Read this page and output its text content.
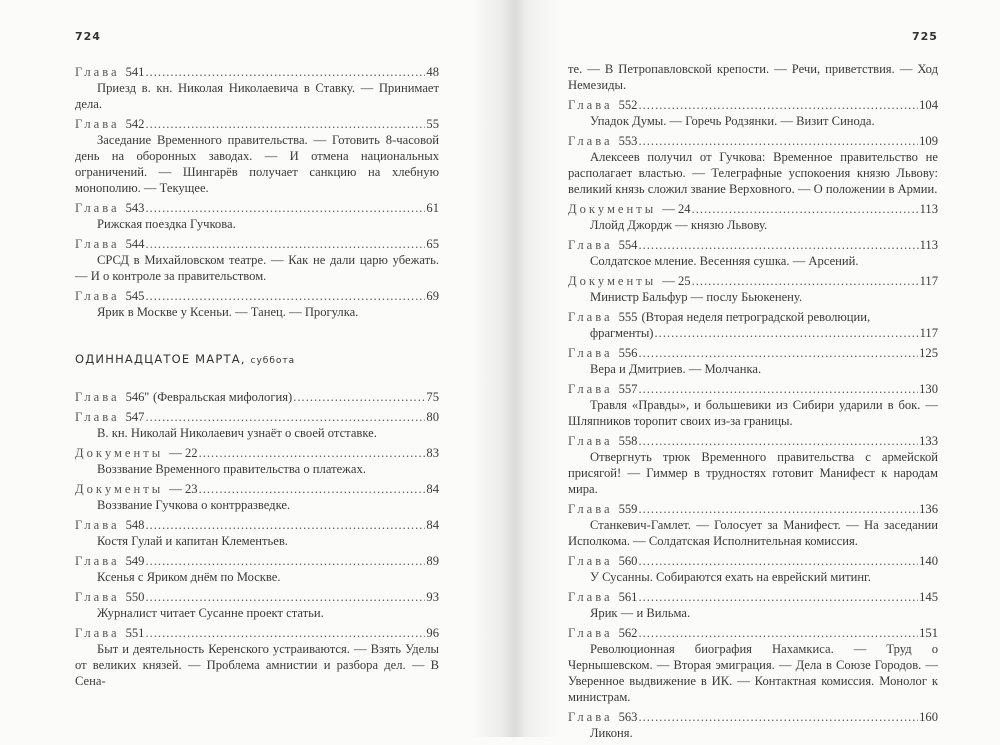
724
Глава 541 .....	48
Приезд в. кн. Николая Николаевича в Ставку. — Принимает дела.
Глава 542 .....	55
Заседание Временного правительства. — Готовить 8-часовой день на оборонных заводах. — И отмена национальных ограничений. — Шингарёв получает санкцию на хлебную монополию. — Текущее.
Глава 543 .....	61
Рижская поездка Гучкова.
Глава 544 .....	65
СРСД в Михайловском театре. — Как не дали царю убежать. — И о контроле за правительством.
Глава 545 .....	69
Ярик в Москве у Ксеньи. — Танец. — Прогулка.
ОДИННАДЦАТОЕ МАРТА, суббота
Глава 546'' (Февральская мифология) .....	75
Глава 547 .....	80
В. кн. Николай Николаевич узнаёт о своей отставке.
Документы — 22 .....	83
Воззвание Временного правительства о платежах.
Документы — 23 .....	84
Воззвание Гучкова о контрразведке.
Глава 548 .....	84
Костя Гулай и капитан Клементьев.
Глава 549 .....	89
Ксенья с Яриком днём по Москве.
Глава 550 .....	93
Журналист читает Сусанне проект статьи.
Глава 551 .....	96
Быт и деятельность Керенского устраиваются. — Взять Уделы от великих князей. — Проблема амнистии и разбора дел. — В Сена-
725
те. — В Петропавловской крепости. — Речи, приветствия. — Ход Немезиды.
Глава 552 .....	104
Упадок Думы. — Горечь Родзянки. — Визит Синода.
Глава 553 .....	109
Алексеев получил от Гучкова: Временное правительство не располагает властью. — Телеграфные успокоения князю Львову: великий князь сложил звание Верховного. — О положении в Армии.
Документы — 24 .....	113
Ллойд Джордж — князю Львову.
Глава 554 .....	113
Солдатское мление. Весенняя сушка. — Арсений.
Документы — 25 .....	117
Министр Бальфур — послу Бьюкенену.
Глава 555 (Вторая неделя петроградской революции,
фрагменты) .....	117
Глава 556 .....	125
Вера и Дмитриев. — Молчанка.
Глава 557 .....	130
Травля «Правды», и большевики из Сибири ударили в бок. — Шляпников торопит своих из-за границы.
Глава 558 .....	133
Отвергнуть трюк Временного правительства с армейской присягой! — Гиммер в трудностях готовит Манифест к народам мира.
Глава 559 .....	136
Станкевич-Гамлет. — Голосует за Манифест. — На заседании Исполкома. — Солдатская Исполнительная комиссия.
Глава 560 .....	140
У Сусанны. Собираются ехать на еврейский митинг.
Глава 561 .....	145
Ярик — и Вильма.
Глава 562 .....	151
Революционная биография Нахамкиса. — Труд о Чернышевском. — Вторая эмиграция. — Дела в Союзе Городов. — Уверенное выдвижение в ИК. — Контактная комиссия. Монолог к министрам.
Глава 563 .....	160
Ликоня.
